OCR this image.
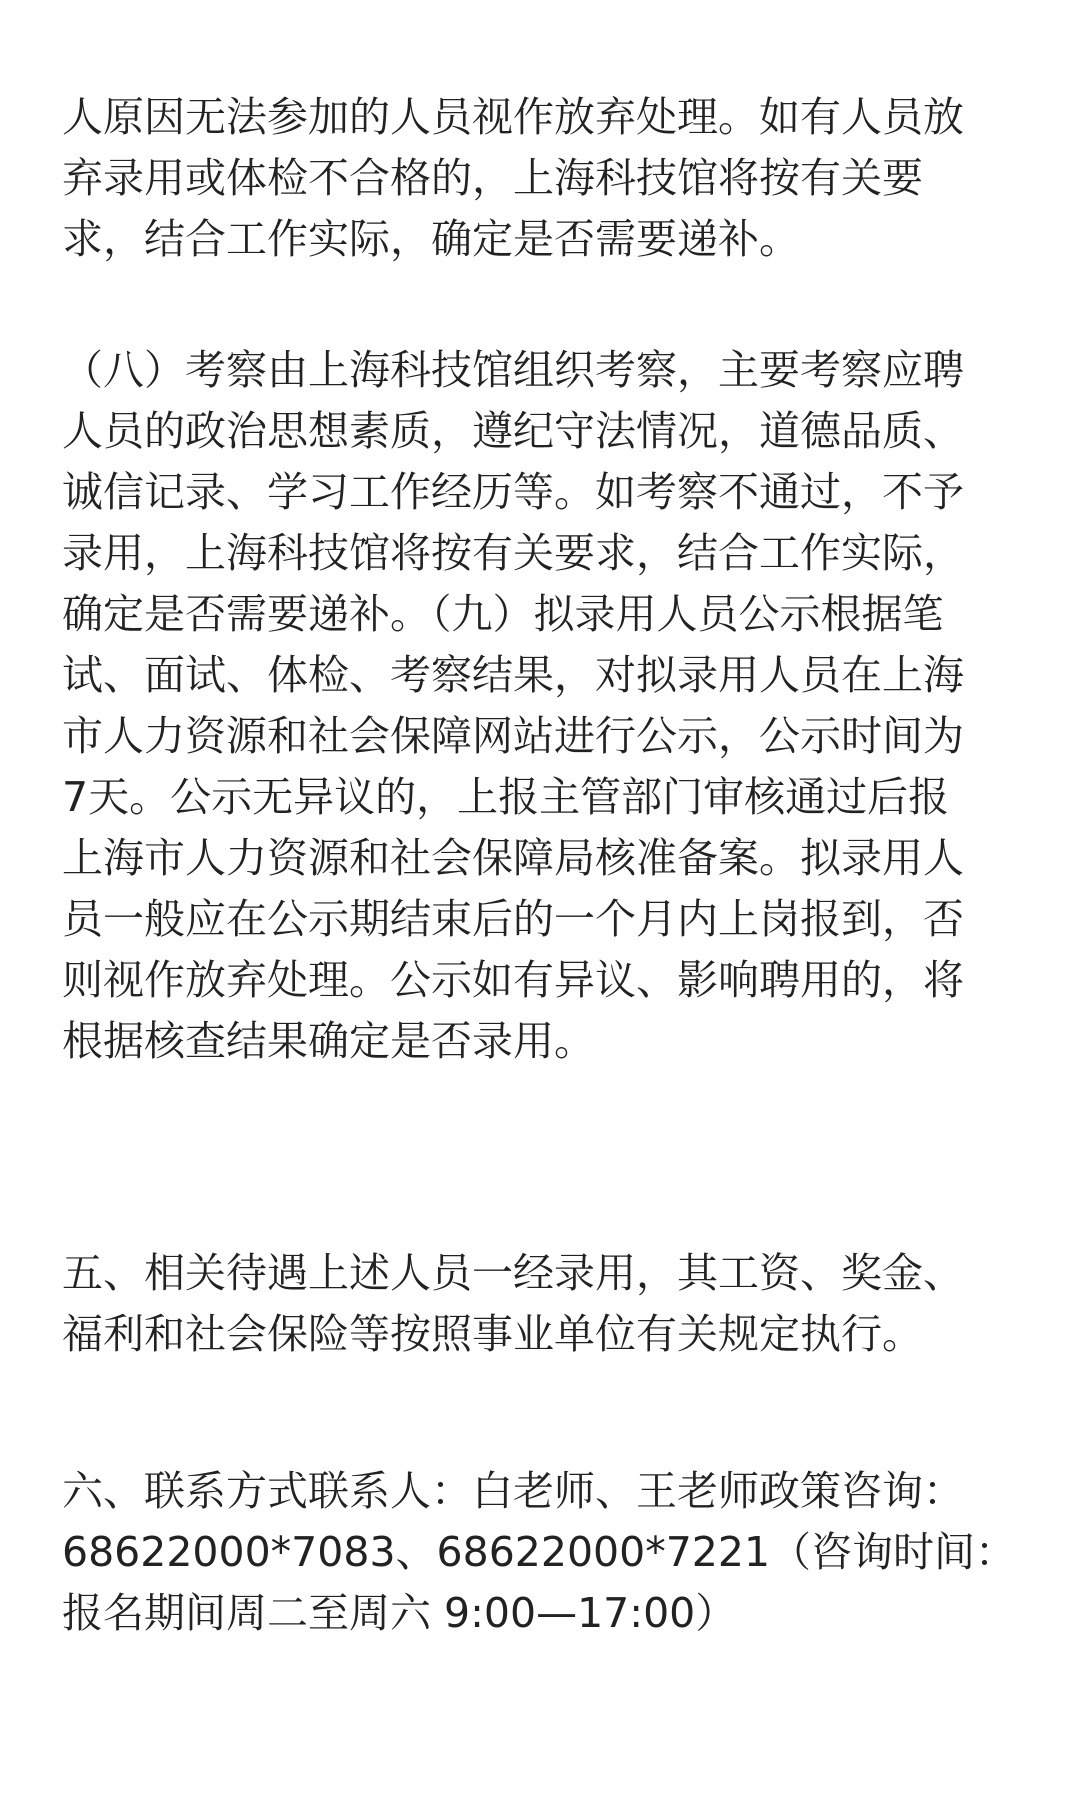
人原因无法参加的人员视作放弃处理。如有人员放
弃录用或体检不合格的，上海科技馆将按有关要
求，结合工作实际，确定是否需要递补。
（八）考察由上海科技馆组织考察，主要考察应聘
人员的政治思想素质，遵纪守法情况，道德品质、
诚信记录、学习工作经历等。如考察不通过，不予
录用，上海科技馆将按有关要求，结合工作实际，
确定是否需要递补。（九）拟录用人员公示根据笔
试、面试、体检、考察结果，对拟录用人员在上海
市人力资源和社会保障网站进行公示，公示时间为
7天。公示无异议的，上报主管部门审核通过后报
上海市人力资源和社会保障局核准备案。拟录用人
员一般应在公示期结束后的一个月内上岗报到，否
则视作放弃处理。公示如有异议、影响聘用的，将
根据核查结果确定是否录用。
五、相关待遇上述人员一经录用，其工资、奖金、
福利和社会保险等按照事业单位有关规定执行。
六、联系方式联系人：白老师、王老师政策咨询：
68622000*7083、68622000*7221（咨询时间：
报名期间周二至周六 9:00—17:00）
